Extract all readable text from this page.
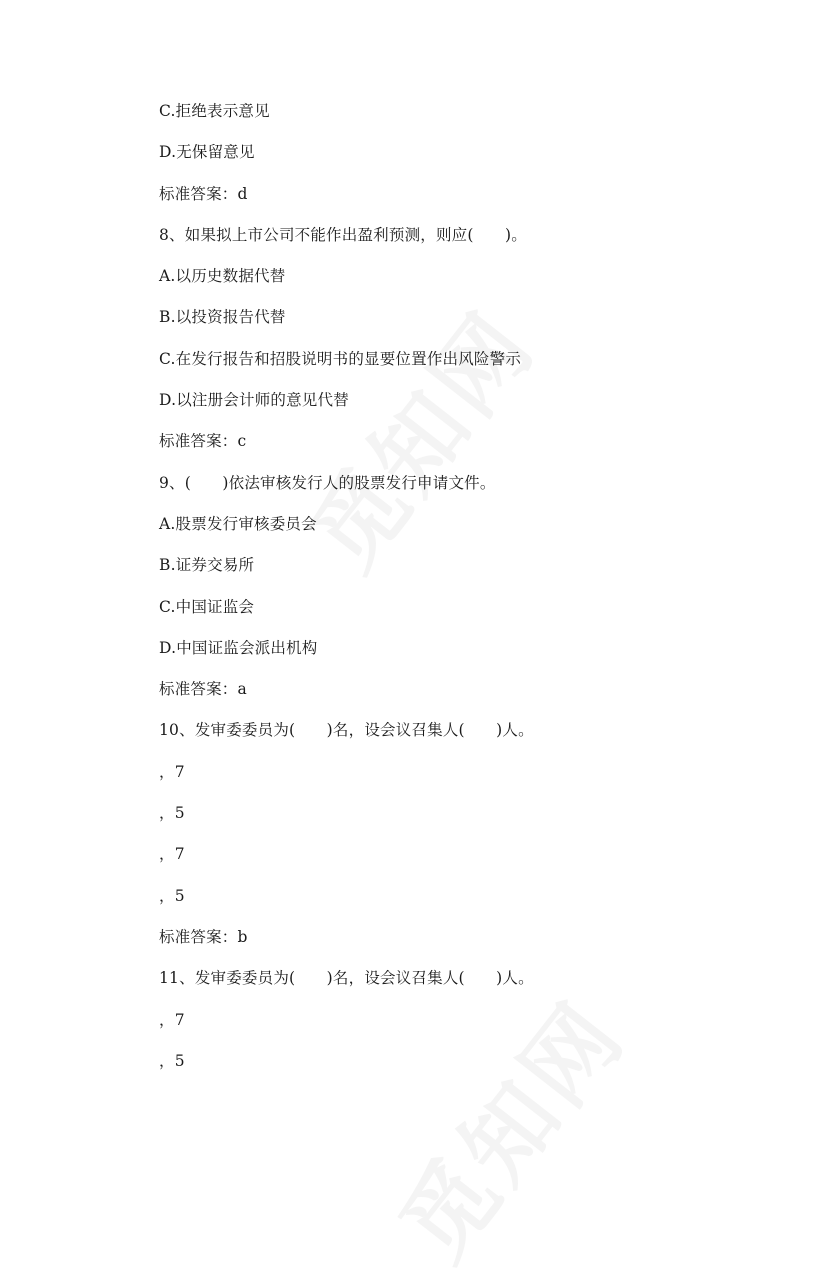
C.拒绝表示意见
D.无保留意见
标准答案：d
8、如果拟上市公司不能作出盈利预测，则应(　　)。
A.以历史数据代替
B.以投资报告代替
C.在发行报告和招股说明书的显要位置作出风险警示
D.以注册会计师的意见代替
标准答案：c
9、(　　)依法审核发行人的股票发行申请文件。
A.股票发行审核委员会
B.证券交易所
C.中国证监会
D.中国证监会派出机构
标准答案：a
10、发审委委员为(　　)名，设会议召集人(　　)人。
，7
，5
，7
，5
标准答案：b
11、发审委委员为(　　)名，设会议召集人(　　)人。
，7
，5
